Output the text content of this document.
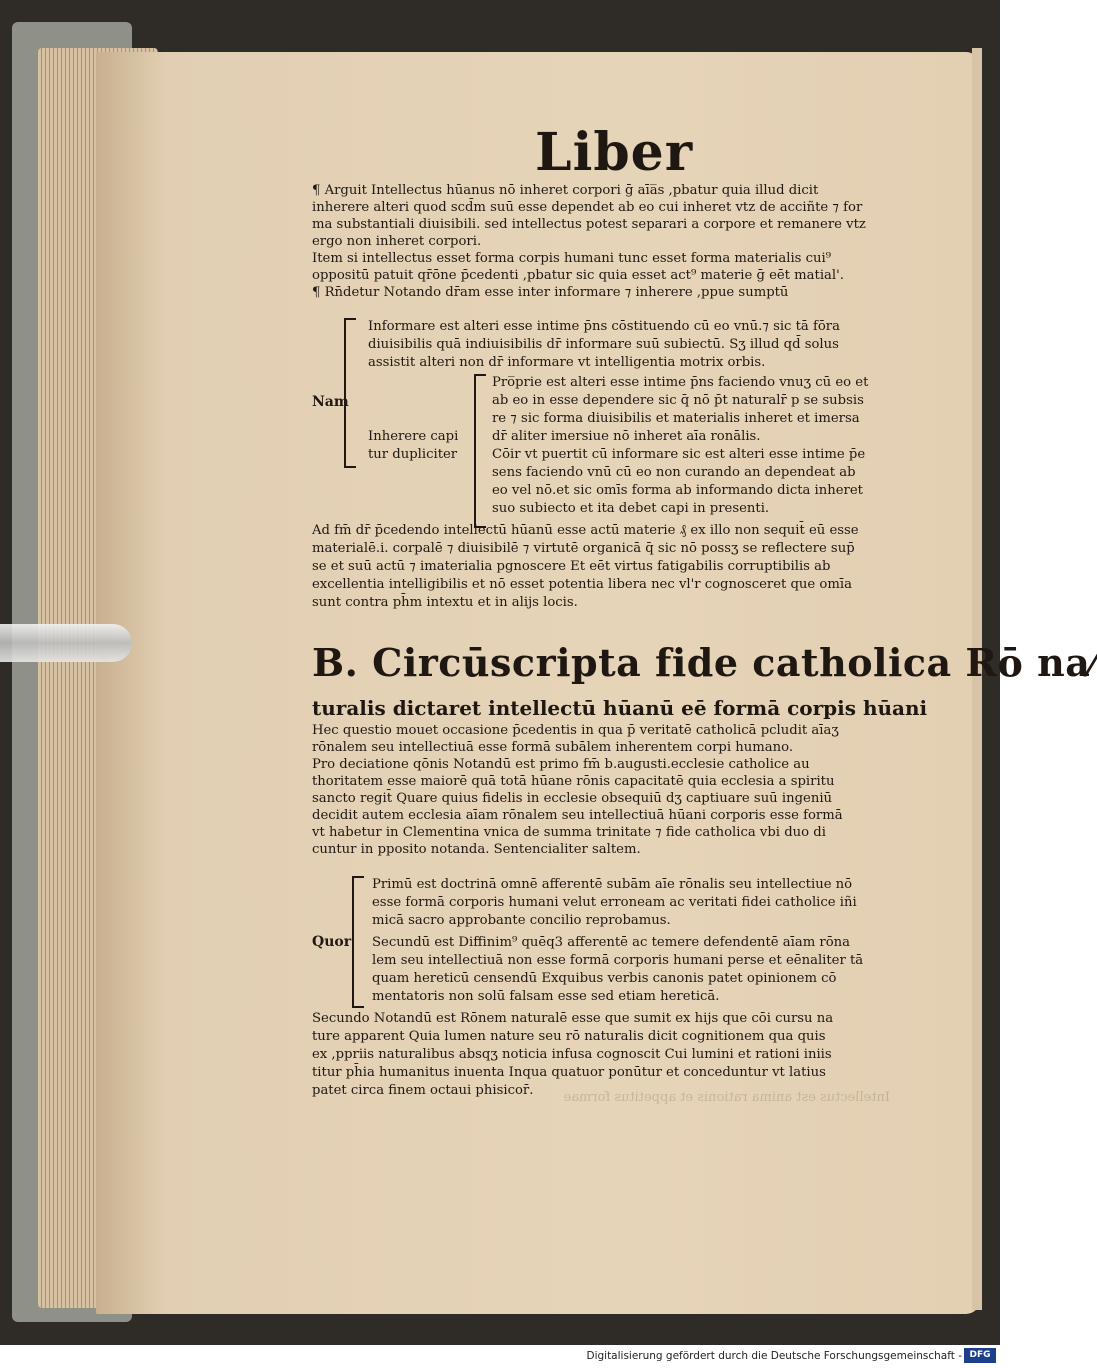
Intellectus est anima rationis et appetitus formae
Liber
¶ Arguit Intellectus hūanus nō inheret corpori ḡ aīa̅s ,pbatur quia illud dicit
inherere alteri quod scd̄m suū esse dependet ab eo cui inheret vtz de acciñte ⁊ for
ma substantiali diuisibili. sed intellectus potest separari a corpore et remanere vtz
ergo non inheret corpori.
Item si intellectus esset forma corpis humani tunc esset forma materialis cui⁹
oppositū patuit qr̄ōne p̄cedenti ,pbatur sic quia esset act⁹ materie ḡ eēt matial'.
¶ Rn̄detur Notando dr̄am esse inter informare ⁊ inherere ,ppue sumptū
Nam
Informare est alteri esse intime p̄ns cōstituendo cū eo vnū.⁊ sic tā fōra
diuisibilis quā indiuisibilis dr̄ informare suū subiectū. Sʒ illud qd̄ solus
assistit alteri non dr̄ informare vt intelligentia motrix orbis.
Inherere capi
tur dupliciter
Pro̅prie est alteri esse intime p̄ns faciendo vnuʒ cū eo et
ab eo in esse dependere sic q̄ nō p̄t naturalr̄ p se subsis
re ⁊ sic forma diuisibilis et materialis inheret et imersa
dr̄ aliter imersiue nō inheret aīa ronālis.
Cōir vt puertit cū informare sic est alteri esse intime p̄e
sens faciendo vnū cū eo non curando an dependeat ab
eo vel nō.et sic omīs forma ab informando dicta inheret
suo subiecto et ita debet capi in presenti.
Ad fm̄ dr̄ p̄cedendo intellectū hūanū esse actū materie ₰ ex illo non sequit̄ eū esse
materialē.i. corpalē ⁊ diuisibilē ⁊ virtutē organicā q̄ sic nō possʒ se reflectere sup̄
se et suū actū ⁊ imaterialia pgnoscere Et eēt virtus fatigabilis corruptibilis ab
excellentia intelligibilis et nō esset potentia libera nec vl'r cognosceret que omīa
sunt contra ph̄m intextu et in alijs locis.
B. Circūscripta fide catholica Rō na⁄
turalis dictaret intellectū hūanū eē formā corpis hūani
Hec questio mouet occasione p̄cedentis in qua p̄ veritatē catholicā pcludit aīaʒ
rōnalem seu intellectiuā esse formā subālem inherentem corpi humano.
Pro deciatione qōnis Notandū est primo fm̄ b.augusti.ecclesie catholice au
thoritatem esse maiorē quā totā hūane rōnis capacitatē quia ecclesia a spiritu
sancto regit̄ Quare quius fidelis in ecclesie obsequiū dʒ captiuare suū ingeniū
decidit autem ecclesia aīam rōnalem seu intellectiuā hūani corporis esse formā
vt habetur in Clementina vnica de summa trinitate ⁊ fide catholica vbi duo di
cuntur in pposito notanda. Sentencialiter saltem.
Quor
Primū est doctrinā omnē afferentē subām aīe rōnalis seu intellectiue nō
esse formā corporis humani velut erroneam ac veritati fidei catholice iñi
micā sacro approbante concilio reprobamus.
Secundū est Diffinim⁹ quēq3 afferentē ac temere defendentē aīam rōna
lem seu intellectiuā non esse formā corporis humani perse et eēnaliter tā
quam hereticū censendū Exquibus verbis canonis patet opinionem cō
mentatoris non solū falsam esse sed etiam hereticā.
Secundo Notandū est Rōnem naturalē esse que sumit ex hijs que cōi cursu na
ture apparent Quia lumen nature seu rō naturalis dicit cognitionem qua quis
ex ,ppriis naturalibus absqʒ noticia infusa cognoscit Cui lumini et rationi iniis
titur ph̄ia humanitus inuenta Inqua quatuor ponūtur et conceduntur vt latius
patet circa finem octaui phisicor̄.
Digitalisierung gefördert durch die Deutsche Forschungsgemeinschaft - DFG
